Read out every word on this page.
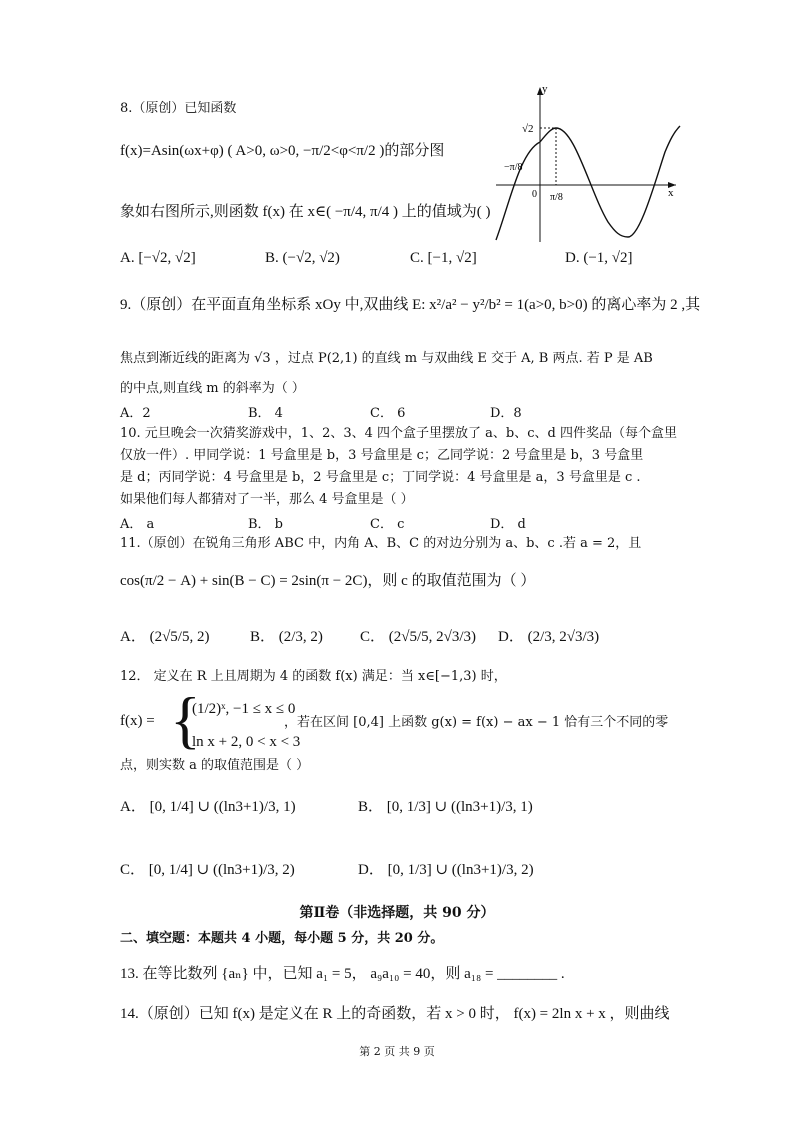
8.（原创）已知函数
f(x)=Asin(ωx+φ) ( A>0, ω>0, −π/2<φ<π/2 )的部分图
象如右图所示,则函数 f(x) 在 x∈( −π/4, π/4 ) 上的值域为( )
A. [−√2, √2]	B. (−√2, √2)	C. [−1, √2]	D. (−1, √2]
y
x
0
√2
−π/8
π/8
9.（原创）在平面直角坐标系 xOy 中,双曲线 E: x²/a² − y²/b² = 1(a>0, b>0) 的离心率为 2 ,其
焦点到渐近线的距离为 √3 ，过点 P(2,1) 的直线 m 与双曲线 E 交于 A, B 两点. 若 P 是 AB
的中点,则直线 m 的斜率为（ ）
A．2	B． 4	C． 6	D．8
10. 元旦晚会一次猜奖游戏中，1、2、3、4 四个盒子里摆放了 a、b、c、d 四件奖品（每个盒里
仅放一件）. 甲同学说：1 号盒里是 b，3 号盒里是 c；乙同学说：2 号盒里是 b，3 号盒里
是 d；丙同学说：4 号盒里是 b，2 号盒里是 c；丁同学说：4 号盒里是 a，3 号盒里是 c .
如果他们每人都猜对了一半，那么 4 号盒里是（ ）
A． a	B． b	C． c	D． d
11.（原创）在锐角三角形 ABC 中，内角 A、B、C 的对边分别为 a、b、c .若 a = 2，且
cos(π/2 − A) + sin(B − C) = 2sin(π − 2C)，则 c 的取值范围为（ ）
A． (2√5/5, 2)	B． (2/3, 2) C． (2√5/5, 2√3/3) D． (2/3, 2√3/3)
12． 定义在 R 上且周期为 4 的函数 f(x) 满足：当 x∈[−1,3) 时，
f(x) = {
(1/2)ˣ, −1 ≤ x ≤ 0
ln x + 2, 0 < x < 3
，若在区间 [0,4] 上函数 g(x) = f(x) − ax − 1 恰有三个不同的零
点，则实数 a 的取值范围是（ ）
A． [0, 1/4] ∪ ((ln3+1)/3, 1)	B． [0, 1/3] ∪ ((ln3+1)/3, 1)
C． [0, 1/4] ∪ ((ln3+1)/3, 2)	D． [0, 1/3] ∪ ((ln3+1)/3, 2)
第Ⅱ卷（非选择题，共 90 分）
二、填空题：本题共 4 小题，每小题 5 分，共 20 分。
13. 在等比数列 {aₙ} 中，已知 a₁ = 5， a₉a₁₀ = 40，则 a₁₈ = ________ .
14.（原创）已知 f(x) 是定义在 R 上的奇函数，若 x > 0 时， f(x) = 2ln x + x ，则曲线
第 2 页 共 9 页
